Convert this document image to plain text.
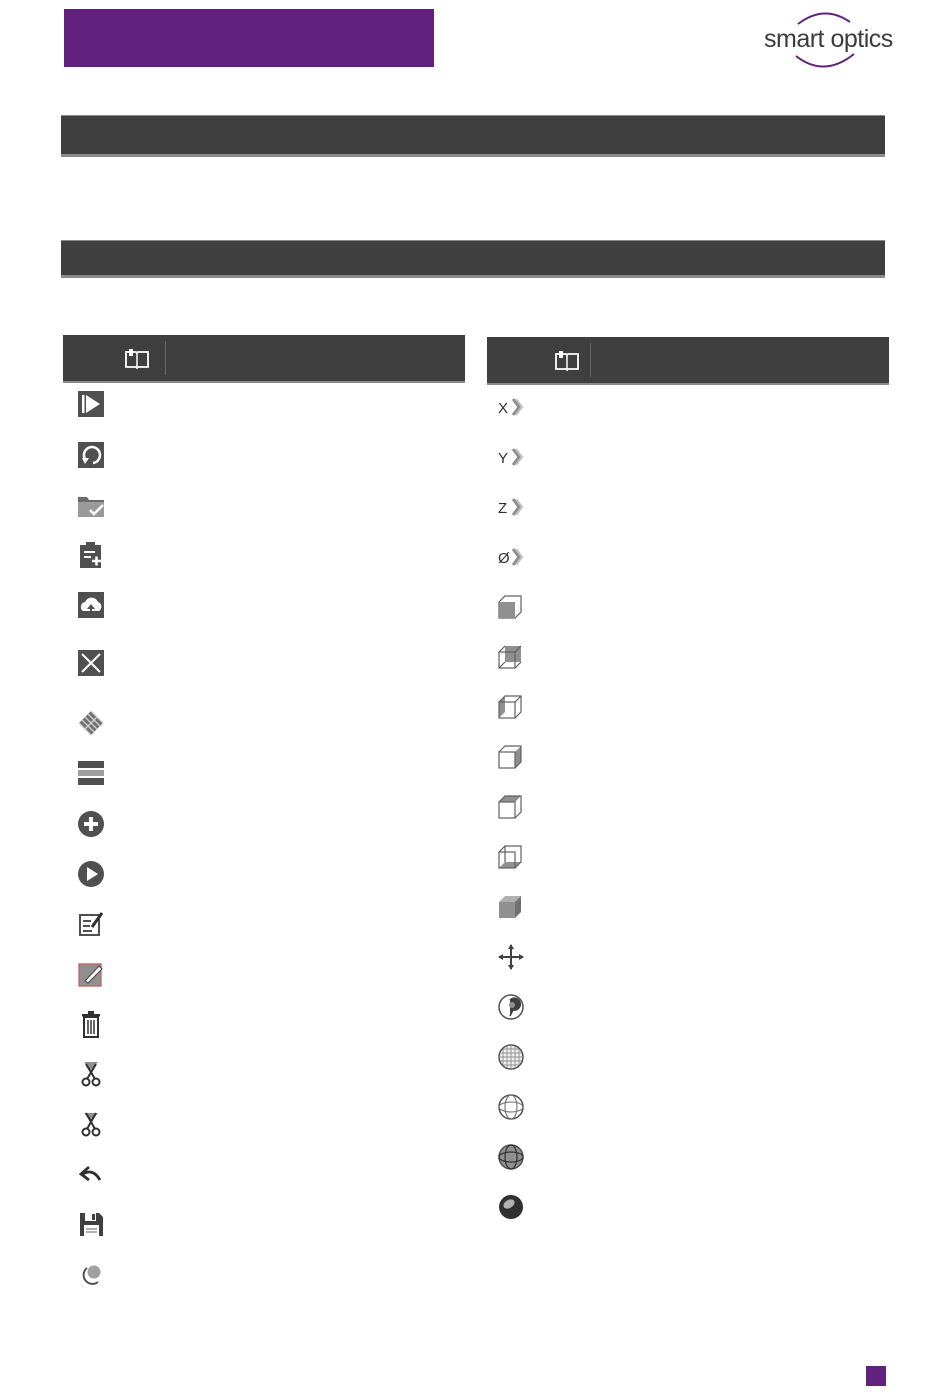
smart optics
X
Y
Z
Ø
